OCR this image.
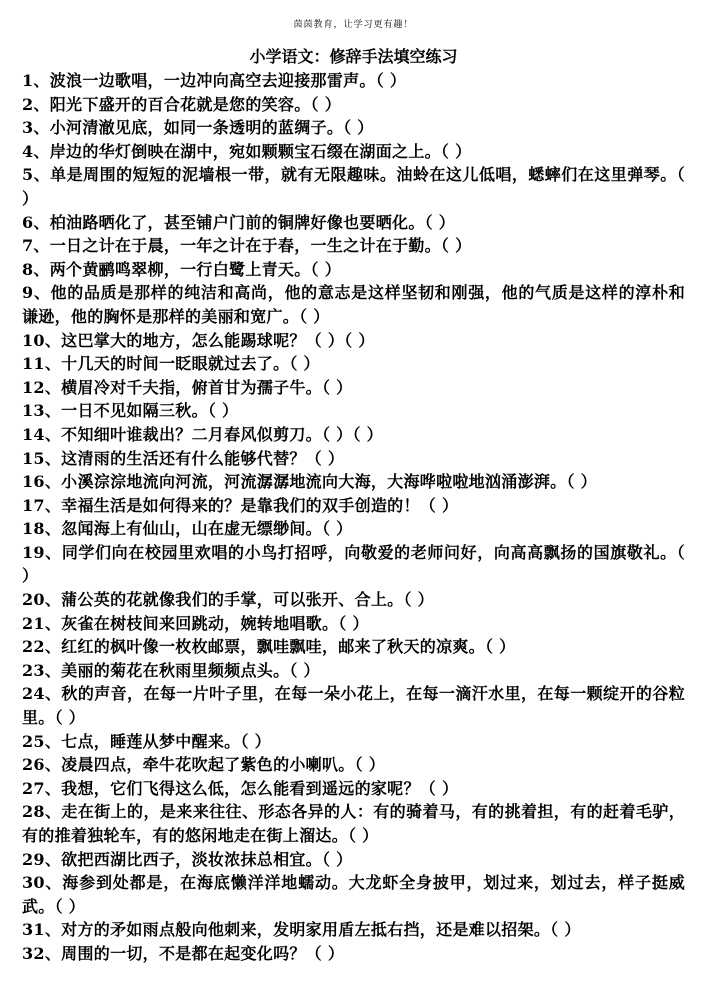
茵茵教育，让学习更有趣！
小学语文：修辞手法填空练习

1、波浪一边歌唱，一边冲向高空去迎接那雷声。（ ）

2、阳光下盛开的百合花就是您的笑容。（ ）

3、小河清澈见底，如同一条透明的蓝绸子。（ ）

4、岸边的华灯倒映在湖中，宛如颗颗宝石缀在湖面之上。（ ）

5、单是周围的短短的泥墙根一带，就有无限趣味。油蛉在这儿低唱，蟋蟀们在这里弹琴。（ ）

6、柏油路晒化了，甚至铺户门前的铜牌好像也要晒化。（ ）

7、一日之计在于晨，一年之计在于春，一生之计在于勤。（ ）

8、两个黄鹂鸣翠柳，一行白鹭上青天。（ ）

9、他的品质是那样的纯洁和高尚，他的意志是这样坚韧和刚强，他的气质是这样的淳朴和谦逊，他的胸怀是那样的美丽和宽广。（ ）

10、这巴掌大的地方，怎么能踢球呢？（ ）（ ）

11、十几天的时间一眨眼就过去了。（ ）

12、横眉冷对千夫指，俯首甘为孺子牛。（ ）

13、一日不见如隔三秋。（ ）

14、不知细叶谁裁出？二月春风似剪刀。（ ）（ ）

15、这清雨的生活还有什么能够代替？（ ）

16、小溪淙淙地流向河流，河流潺潺地流向大海，大海哗啦啦地汹涌澎湃。（ ）

17、幸福生活是如何得来的？是靠我们的双手创造的！（ ）

18、忽闻海上有仙山，山在虚无缥缈间。（ ）

19、同学们向在校园里欢唱的小鸟打招呼，向敬爱的老师问好，向高高飘扬的国旗敬礼。（ ）

20、蒲公英的花就像我们的手掌，可以张开、合上。（ ）

21、灰雀在树枝间来回跳动，婉转地唱歌。（ ）

22、红红的枫叶像一枚枚邮票，飘哇飘哇，邮来了秋天的凉爽。（ ）

23、美丽的菊花在秋雨里频频点头。（ ）

24、秋的声音，在每一片叶子里，在每一朵小花上，在每一滴汗水里，在每一颗绽开的谷粒里。（ ）

25、七点，睡莲从梦中醒来。（ ）

26、凌晨四点，牵牛花吹起了紫色的小喇叭。（ ）

27、我想，它们飞得这么低，怎么能看到遥远的家呢？（ ）

28、走在街上的，是来来往往、形态各异的人：有的骑着马，有的挑着担，有的赶着毛驴，有的推着独轮车，有的悠闲地走在街上溜达。（ ）

29、欲把西湖比西子，淡妆浓抹总相宜。（ ）

30、海参到处都是，在海底懒洋洋地蠕动。大龙虾全身披甲，划过来，划过去，样子挺威武。（ ）

31、对方的矛如雨点般向他刺来，发明家用盾左抵右挡，还是难以招架。（ ）

32、周围的一切，不是都在起变化吗？（ ）
